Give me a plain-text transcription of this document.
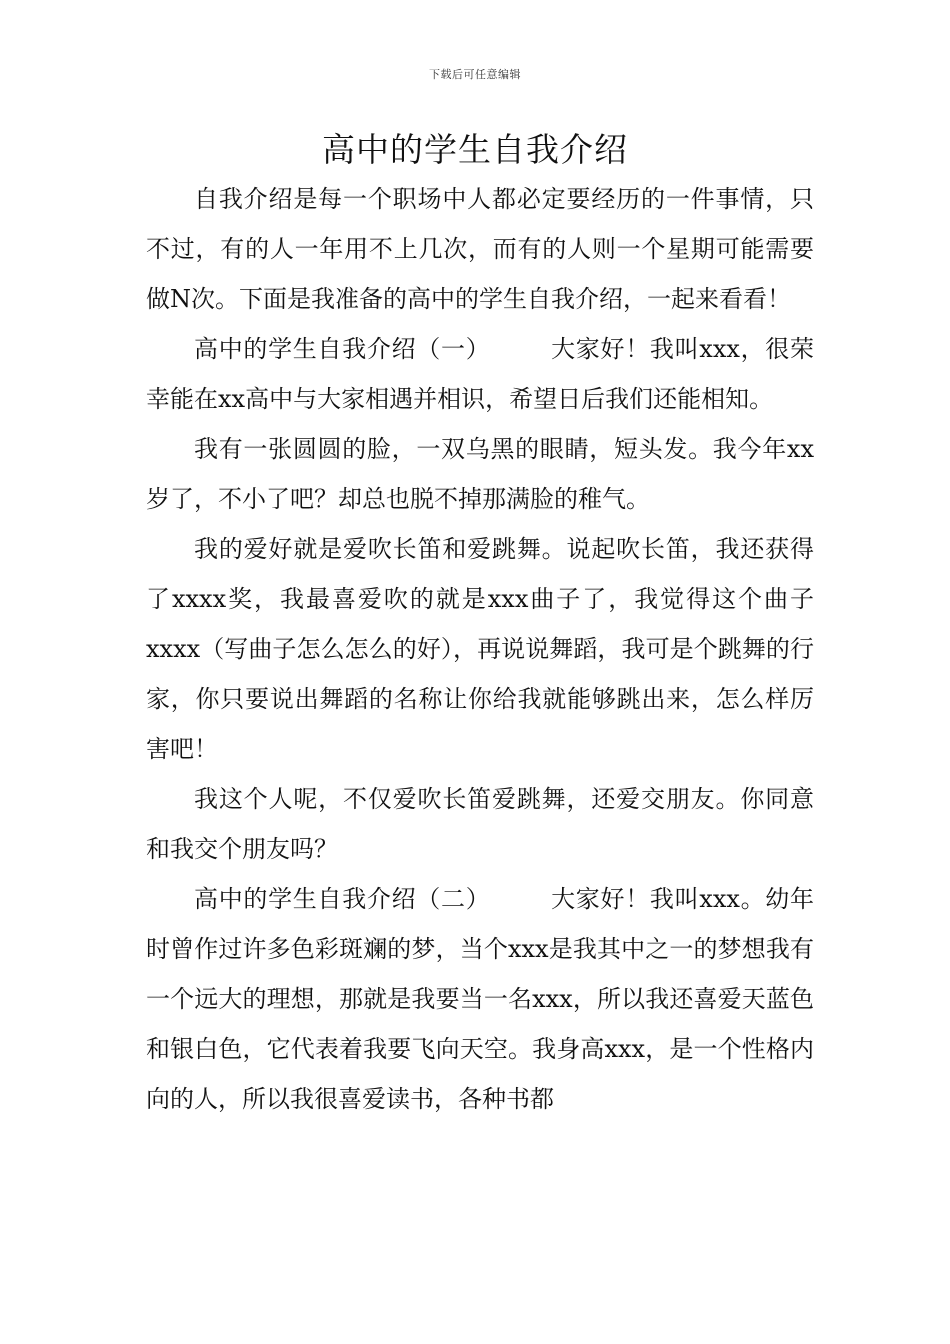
下载后可任意编辑
高中的学生自我介绍

自我介绍是每一个职场中人都必定要经历的一件事情，只不过，有的人一年用不上几次，而有的人则一个星期可能需要做N次。下面是我准备的高中的学生自我介绍，一起来看看！

高中的学生自我介绍（一）	大家好！我叫xxx，很荣幸能在xx高中与大家相遇并相识，希望日后我们还能相知。

我有一张圆圆的脸，一双乌黑的眼睛，短头发。我今年xx岁了，不小了吧？却总也脱不掉那满脸的稚气。

我的爱好就是爱吹长笛和爱跳舞。说起吹长笛，我还获得了xxxx奖，我最喜爱吹的就是xxx曲子了，我觉得这个曲子xxxx（写曲子怎么怎么的好），再说说舞蹈，我可是个跳舞的行家，你只要说出舞蹈的名称让你给我就能够跳出来，怎么样厉害吧！

我这个人呢，不仅爱吹长笛爱跳舞，还爱交朋友。你同意和我交个朋友吗？

高中的学生自我介绍（二）	大家好！我叫xxx。幼年时曾作过许多色彩斑斓的梦，当个xxx是我其中之一的梦想我有一个远大的理想，那就是我要当一名xxx，所以我还喜爱天蓝色和银白色，它代表着我要飞向天空。我身高xxx，是一个性格内向的人，所以我很喜爱读书，各种书都
